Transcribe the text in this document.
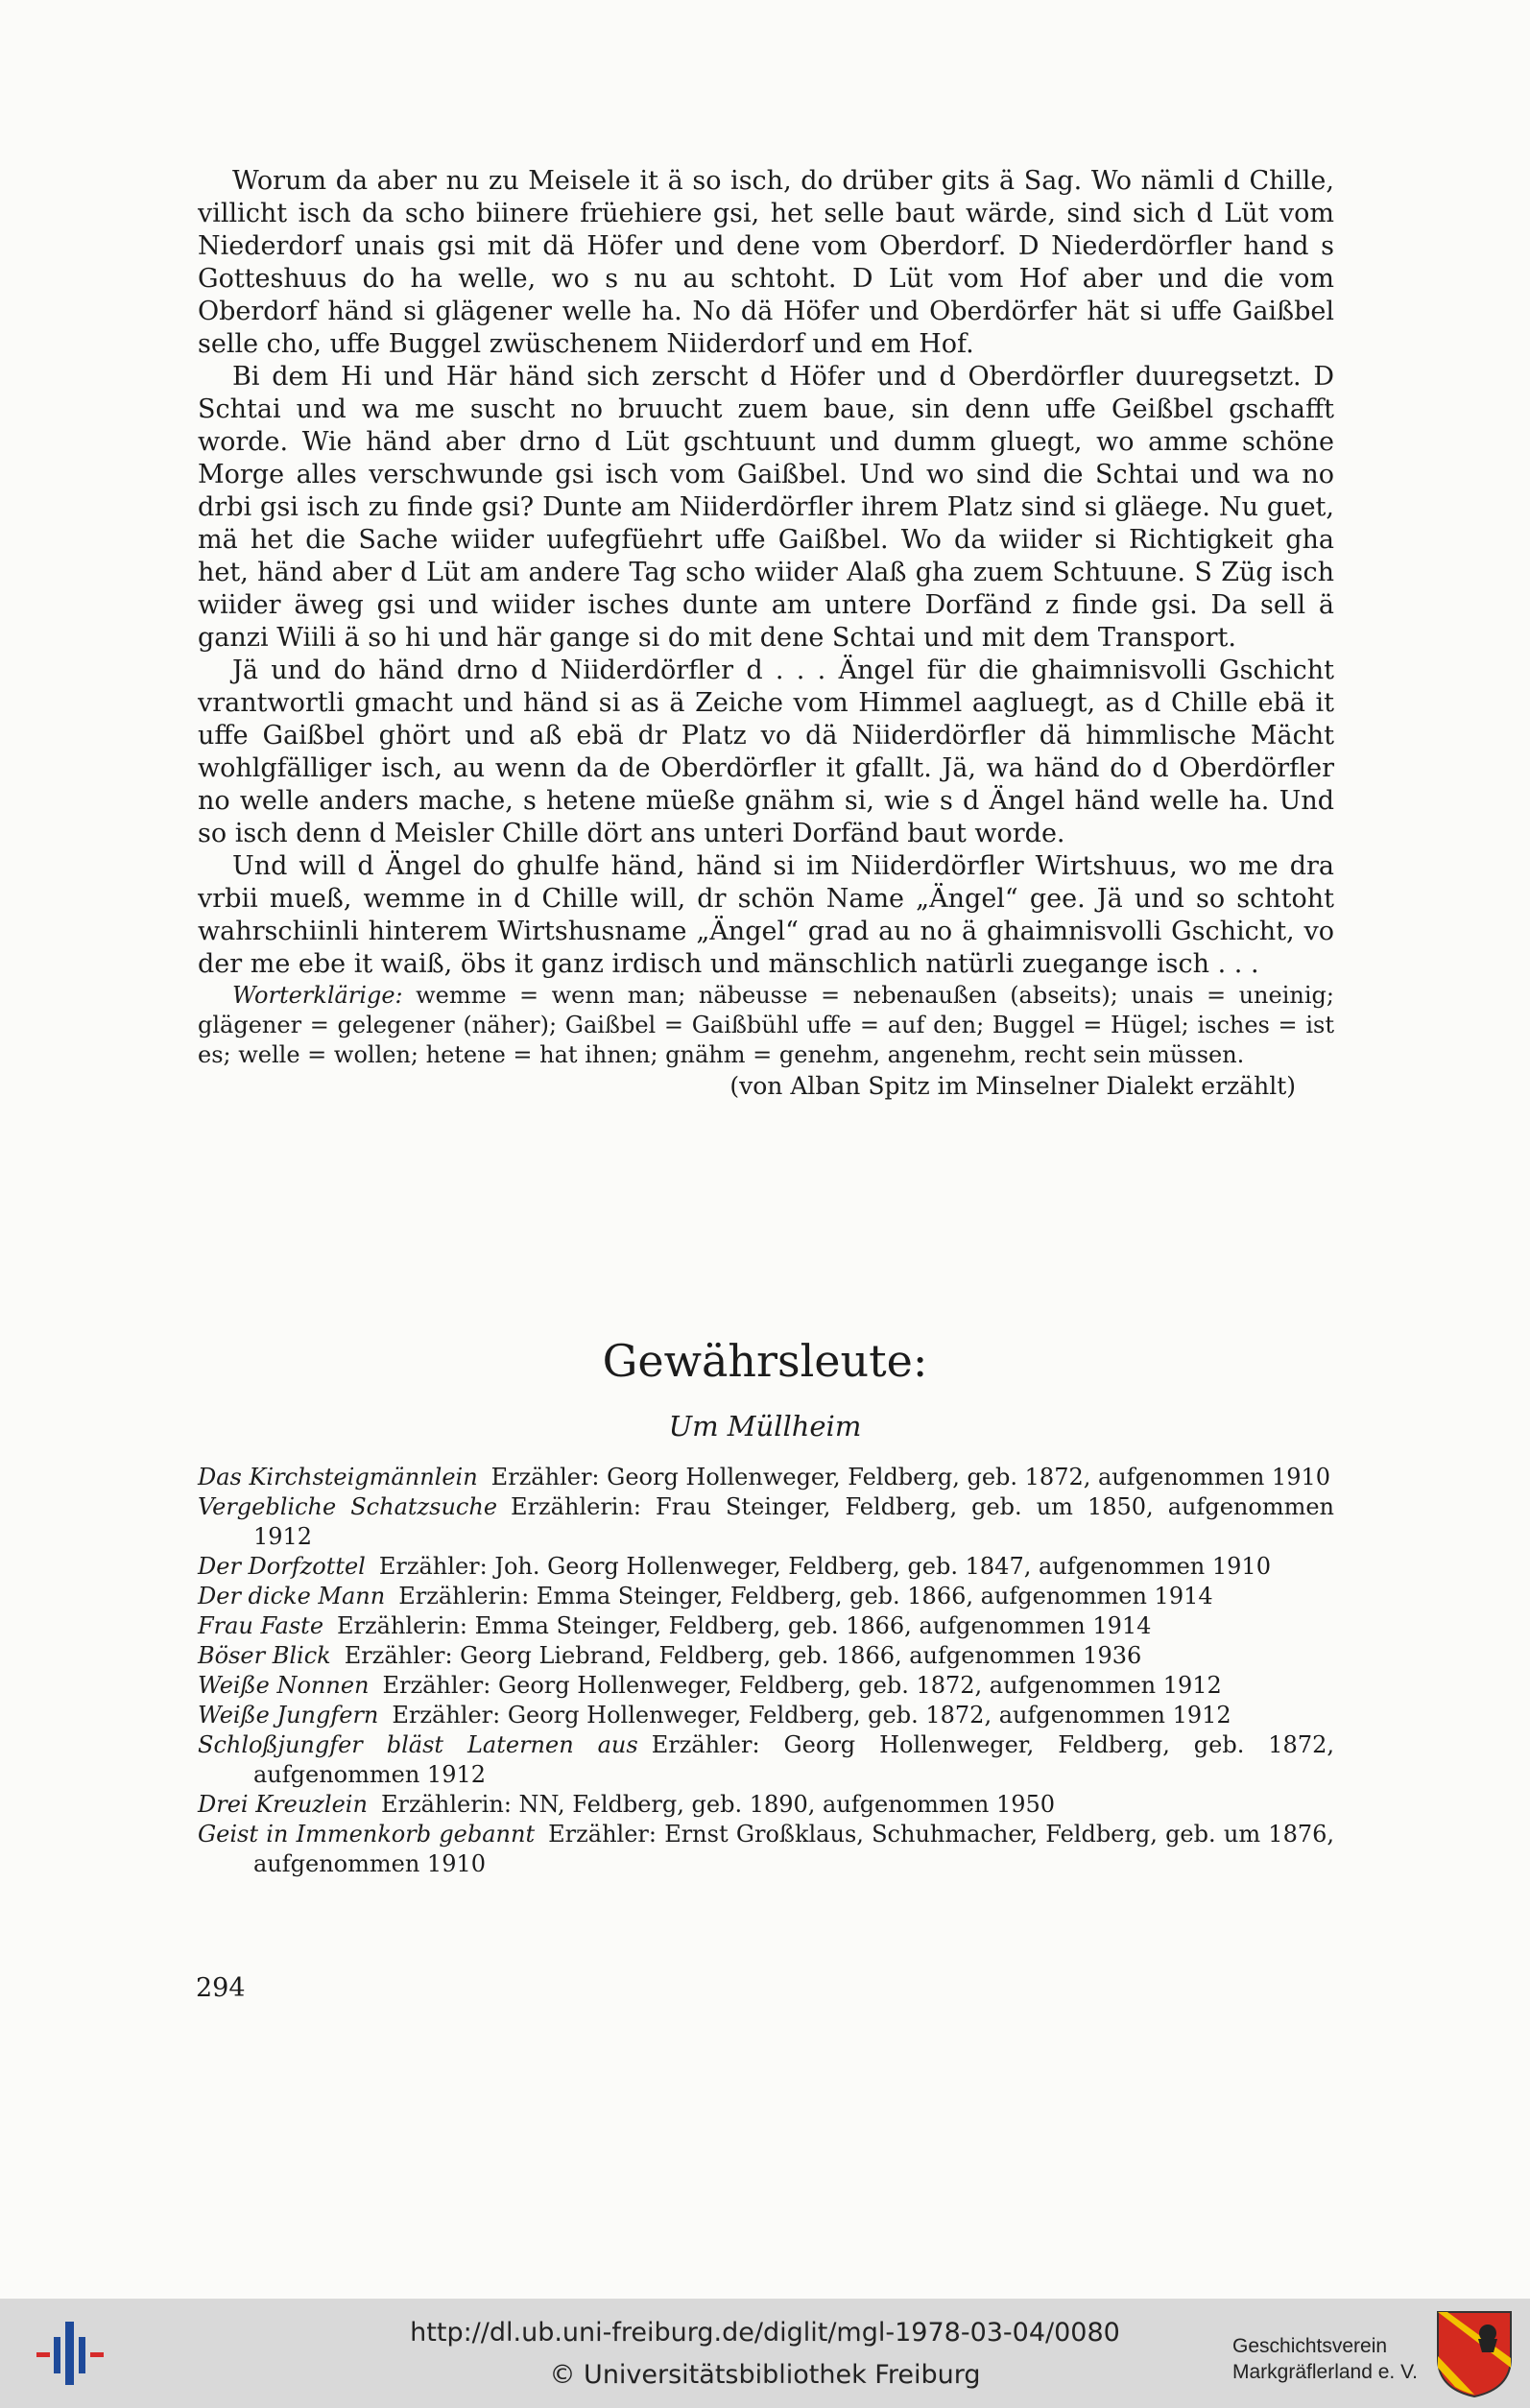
Worum da aber nu zu Meisele it ä so isch, do drüber gits ä Sag. Wo nämli d Chille, villicht isch da scho biinere früehiere gsi, het selle baut wärde, sind sich d Lüt vom Niederdorf unais gsi mit dä Höfer und dene vom Oberdorf. D Niederdörfler hand s Gotteshuus do ha welle, wo s nu au schtoht. D Lüt vom Hof aber und die vom Oberdorf händ si glägener welle ha. No dä Höfer und Oberdörfer hät si uffe Gaißbel selle cho, uffe Buggel zwüschenem Niiderdorf und em Hof.

Bi dem Hi und Här händ sich zerscht d Höfer und d Oberdörfler duuregsetzt. D Schtai und wa me suscht no bruucht zuem baue, sin denn uffe Geißbel gschafft worde. Wie händ aber drno d Lüt gschtuunt und dumm gluegt, wo amme schöne Morge alles verschwunde gsi isch vom Gaißbel. Und wo sind die Schtai und wa no drbi gsi isch zu finde gsi? Dunte am Niiderdörfler ihrem Platz sind si gläege. Nu guet, mä het die Sache wiider uufegfüehrt uffe Gaißbel. Wo da wiider si Richtigkeit gha het, händ aber d Lüt am andere Tag scho wiider Alaß gha zuem Schtuune. S Züg isch wiider äweg gsi und wiider isches dunte am untere Dorfänd z finde gsi. Da sell ä ganzi Wiili ä so hi und här gange si do mit dene Schtai und mit dem Transport.

Jä und do händ drno d Niiderdörfler d . . . Ängel für die ghaimnisvolli Gschicht vrantwortli gmacht und händ si as ä Zeiche vom Himmel aagluegt, as d Chille ebä it uffe Gaißbel ghört und aß ebä dr Platz vo dä Niiderdörfler dä himmlische Mächt wohlgfälliger isch, au wenn da de Oberdörfler it gfallt. Jä, wa händ do d Oberdörfler no welle anders mache, s hetene müeße gnähm si, wie s d Ängel händ welle ha. Und so isch denn d Meisler Chille dört ans unteri Dorfänd baut worde.

Und will d Ängel do ghulfe händ, händ si im Niiderdörfler Wirtshuus, wo me dra vrbii mueß, wemme in d Chille will, dr schön Name „Ängel“ gee. Jä und so schtoht wahrschiinli hinterem Wirtshusname „Ängel“ grad au no ä ghaimnisvolli Gschicht, vo der me ebe it waiß, öbs it ganz irdisch und mänschlich natürli zuegange isch . . .

Worterklärige: wemme = wenn man; näbeusse = nebenaußen (abseits); unais = uneinig; glägener = gelegener (näher); Gaißbel = Gaißbühl uffe = auf den; Buggel = Hügel; isches = ist es; welle = wollen; hetene = hat ihnen; gnähm = genehm, angenehm, recht sein müssen.

(von Alban Spitz im Minselner Dialekt erzählt)

Gewährsleute:
Um Müllheim
Das Kirchsteigmännlein Erzähler: Georg Hollenweger, Feldberg, geb. 1872, aufgenommen 1910
Vergebliche Schatzsuche Erzählerin: Frau Steinger, Feldberg, geb. um 1850, aufgenommen 1912
Der Dorfzottel Erzähler: Joh. Georg Hollenweger, Feldberg, geb. 1847, aufgenommen 1910
Der dicke Mann Erzählerin: Emma Steinger, Feldberg, geb. 1866, aufgenommen 1914
Frau Faste Erzählerin: Emma Steinger, Feldberg, geb. 1866, aufgenommen 1914
Böser Blick Erzähler: Georg Liebrand, Feldberg, geb. 1866, aufgenommen 1936
Weiße Nonnen Erzähler: Georg Hollenweger, Feldberg, geb. 1872, aufgenommen 1912
Weiße Jungfern Erzähler: Georg Hollenweger, Feldberg, geb. 1872, aufgenommen 1912
Schloßjungfer bläst Laternen aus Erzähler: Georg Hollenweger, Feldberg, geb. 1872, aufgenommen 1912
Drei Kreuzlein Erzählerin: NN, Feldberg, geb. 1890, aufgenommen 1950
Geist in Immenkorb gebannt Erzähler: Ernst Großklaus, Schuhmacher, Feldberg, geb. um 1876, aufgenommen 1910
294
http://dl.ub.uni-freiburg.de/diglit/mgl-1978-03-04/0080
© Universitätsbibliothek Freiburg
Geschichtsverein
Markgräflerland e. V.
